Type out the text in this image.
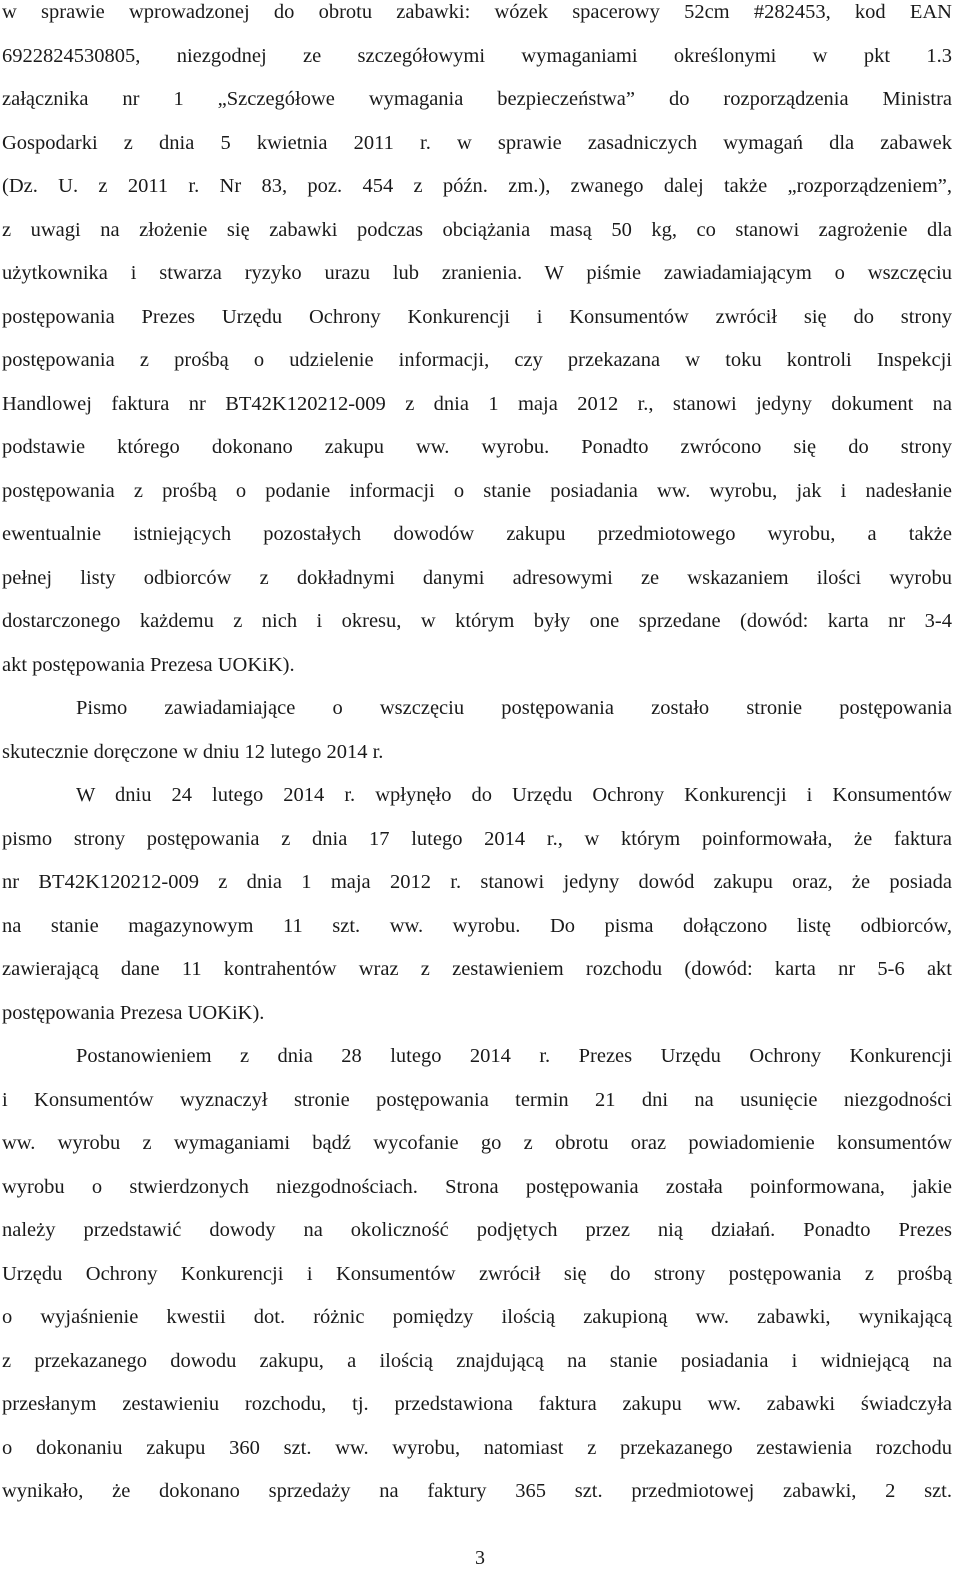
w sprawie wprowadzonej do obrotu zabawki: wózek spacerowy 52cm #282453, kod EAN
6922824530805, niezgodnej ze szczegółowymi wymaganiami określonymi w pkt 1.3
załącznika nr 1 „Szczegółowe wymagania bezpieczeństwa” do rozporządzenia Ministra
Gospodarki z dnia 5 kwietnia 2011 r. w sprawie zasadniczych wymagań dla zabawek
(Dz. U. z 2011 r. Nr 83, poz. 454 z późn. zm.), zwanego dalej także „rozporządzeniem”,
z uwagi na złożenie się zabawki podczas obciążania masą 50 kg, co stanowi zagrożenie dla
użytkownika i stwarza ryzyko urazu lub zranienia. W piśmie zawiadamiającym o wszczęciu
postępowania Prezes Urzędu Ochrony Konkurencji i Konsumentów zwrócił się do strony
postępowania z prośbą o udzielenie informacji, czy przekazana w toku kontroli Inspekcji
Handlowej faktura nr BT42K120212-009 z dnia 1 maja 2012 r., stanowi jedyny dokument na
podstawie którego dokonano zakupu ww. wyrobu. Ponadto zwrócono się do strony
postępowania z prośbą o podanie informacji o stanie posiadania ww. wyrobu, jak i nadesłanie
ewentualnie istniejących pozostałych dowodów zakupu przedmiotowego wyrobu, a także
pełnej listy odbiorców z dokładnymi danymi adresowymi ze wskazaniem ilości wyrobu
dostarczonego każdemu z nich i okresu, w którym były one sprzedane (dowód: karta nr 3-4
akt postępowania Prezesa UOKiK).
Pismo zawiadamiające o wszczęciu postępowania zostało stronie postępowania
skutecznie doręczone w dniu 12 lutego 2014 r.
W dniu 24 lutego 2014 r. wpłynęło do Urzędu Ochrony Konkurencji i Konsumentów
pismo strony postępowania z dnia 17 lutego 2014 r., w którym poinformowała, że faktura
nr BT42K120212-009 z dnia 1 maja 2012 r. stanowi jedyny dowód zakupu oraz, że posiada
na stanie magazynowym 11 szt. ww. wyrobu. Do pisma dołączono listę odbiorców,
zawierającą dane 11 kontrahentów wraz z zestawieniem rozchodu (dowód: karta nr 5-6 akt
postępowania Prezesa UOKiK).
Postanowieniem z dnia 28 lutego 2014 r. Prezes Urzędu Ochrony Konkurencji
i Konsumentów wyznaczył stronie postępowania termin 21 dni na usunięcie niezgodności
ww. wyrobu z wymaganiami bądź wycofanie go z obrotu oraz powiadomienie konsumentów
wyrobu o stwierdzonych niezgodnościach. Strona postępowania została poinformowana, jakie
należy przedstawić dowody na okoliczność podjętych przez nią działań. Ponadto Prezes
Urzędu Ochrony Konkurencji i Konsumentów zwrócił się do strony postępowania z prośbą
o wyjaśnienie kwestii dot. różnic pomiędzy ilością zakupioną ww. zabawki, wynikającą
z przekazanego dowodu zakupu, a ilością znajdującą na stanie posiadania i widniejącą na
przesłanym zestawieniu rozchodu, tj. przedstawiona faktura zakupu ww. zabawki świadczyła
o dokonaniu zakupu 360 szt. ww. wyrobu, natomiast z przekazanego zestawienia rozchodu
wynikało, że dokonano sprzedaży na faktury 365 szt. przedmiotowej zabawki, 2 szt.
3
